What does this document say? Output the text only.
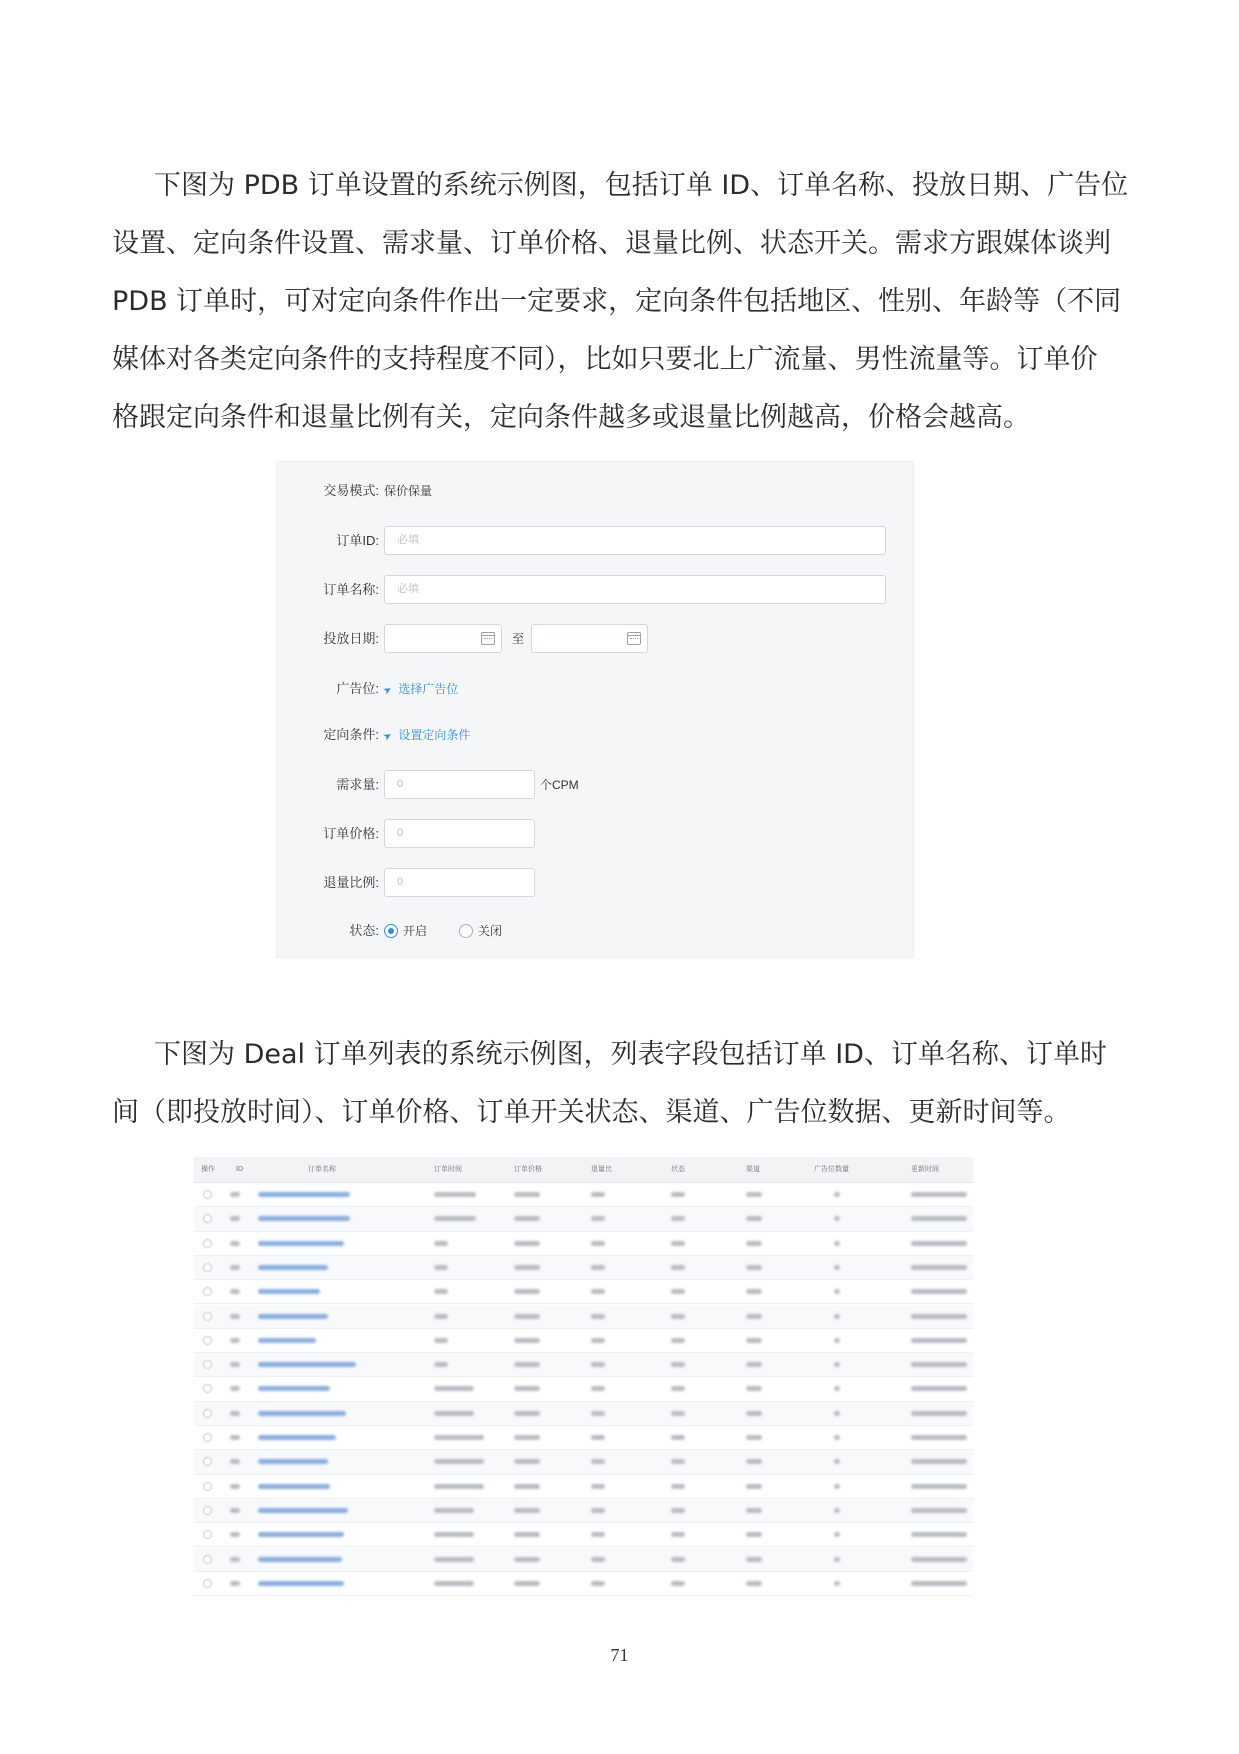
下图为 PDB 订单设置的系统示例图，包括订单 ID、订单名称、投放日期、广告位
设置、定向条件设置、需求量、订单价格、退量比例、状态开关。需求方跟媒体谈判
PDB 订单时，可对定向条件作出一定要求，定向条件包括地区、性别、年龄等（不同
媒体对各类定向条件的支持程度不同），比如只要北上广流量、男性流量等。订单价
格跟定向条件和退量比例有关，定向条件越多或退量比例越高，价格会越高。
交易模式: 保价保量
订单ID:	必填
订单名称:	必填
投放日期:	至
广告位: ➤ 选择广告位
定向条件: ➤ 设置定向条件
需求量:	0	个CPM
订单价格:	0
退量比例:	0
状态: 开启	关闭
下图为 Deal 订单列表的系统示例图，列表字段包括订单 ID、订单名称、订单时
间（即投放时间）、订单价格、订单开关状态、渠道、广告位数据、更新时间等。
操作	ID	订单名称	订单时间	订单价格	退量比	状态	渠道	广告位数量	更新时间
71
